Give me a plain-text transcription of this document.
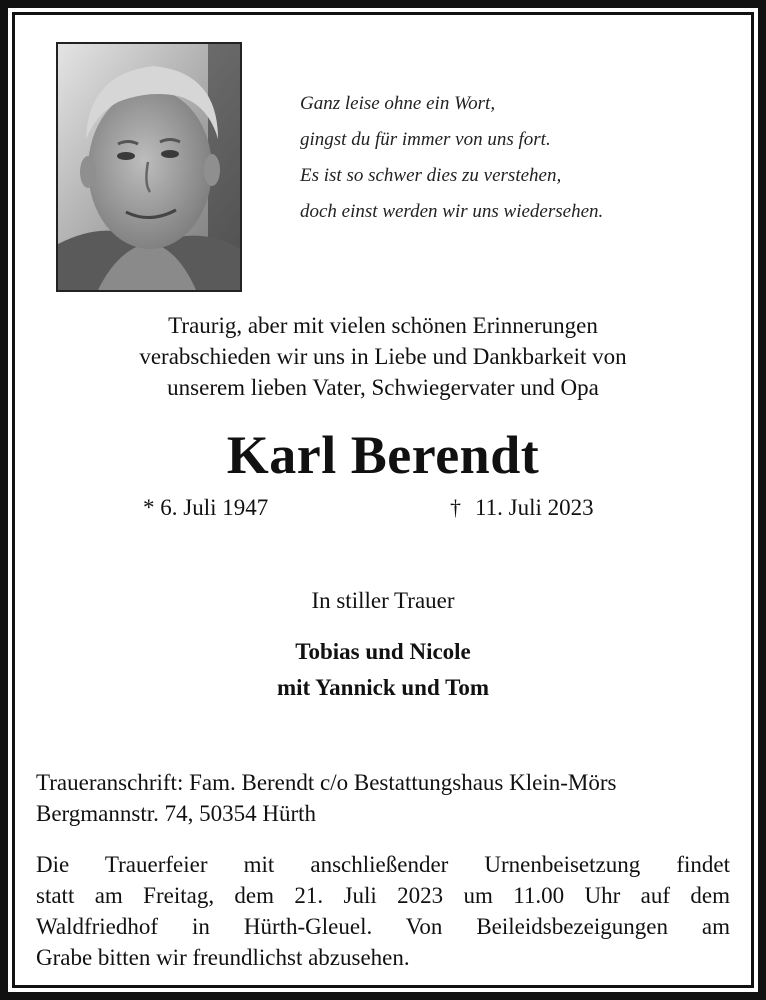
Ganz leise ohne ein Wort,
gingst du für immer von uns fort.
Es ist so schwer dies zu verstehen,
doch einst werden wir uns wiedersehen.
Traurig, aber mit vielen schönen Erinnerungen
verabschieden wir uns in Liebe und Dankbarkeit von
unserem lieben Vater, Schwiegervater und Opa
Karl Berendt
* 6. Juli 1947	† 11. Juli 2023
In stiller Trauer
Tobias und Nicole
mit Yannick und Tom
Traueranschrift: Fam. Berendt c/o Bestattungshaus Klein-Mörs
Bergmannstr. 74, 50354 Hürth
Die Trauerfeier mit anschließender Urnenbeisetzung findet
statt am Freitag, dem 21. Juli 2023 um 11.00 Uhr auf dem
Waldfriedhof in Hürth-Gleuel. Von Beileidsbezeigungen am
Grabe bitten wir freundlichst abzusehen.
